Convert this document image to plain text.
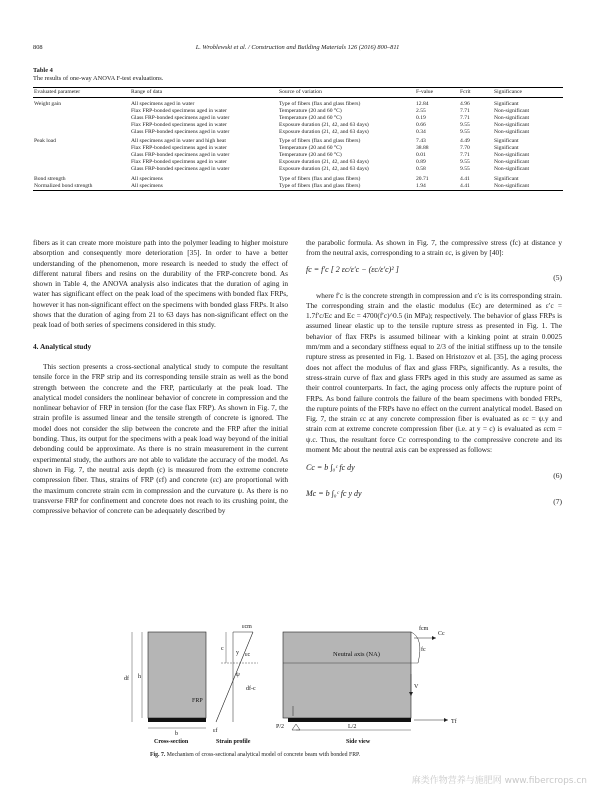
808	L. Wroblewski et al. / Construction and Building Materials 126 (2016) 800–811
Table 4
The results of one-way ANOVA F-test evaluations.
Evaluated parameter	Range of data	Source of variation	F-value	Fcrit	Significance
Weight gain	All specimens aged in water	Type of fibers (flax and glass fibers)	12.84	4.96	Significant
	Flax FRP-bonded specimens aged in water	Temperature (20 and 60 °C)	2.55	7.71	Non-significant
	Glass FRP-bonded specimens aged in water	Temperature (20 and 60 °C)	0.19	7.71	Non-significant
	Flax FRP-bonded specimens aged in water	Exposure duration (21, 42, and 63 days)	0.66	9.55	Non-significant
	Glass FRP-bonded specimens aged in water	Exposure duration (21, 42, and 63 days)	0.34	9.55	Non-significant
Peak load	All specimens aged in water and high heat	Type of fibers (flax and glass fibers)	7.43	4.49	Significant
	Flax FRP-bonded specimens aged in water	Temperature (20 and 60 °C)	38.88	7.70	Significant
	Glass FRP-bonded specimens aged in water	Temperature (20 and 60 °C)	0.01	7.71	Non-significant
	Flax FRP-bonded specimens aged in water	Exposure duration (21, 42, and 63 days)	0.89	9.55	Non-significant
	Glass FRP-bonded specimens aged in water	Exposure duration (21, 42, and 63 days)	0.58	9.55	Non-significant
Bond strength	All specimens	Type of fibers (flax and glass fibers)	20.71	4.41	Significant
Normalized bond strength	All specimens	Type of fibers (flax and glass fibers)	1.94	4.41	Non-significant

fibers as it can create more moisture path into the polymer leading to higher moisture absorption and consequently more deterioration [35]. In order to have a better understanding of the phenomenon, more research is needed to study the effect of different natural fibers and resins on the durability of the FRP-concrete bond. As shown in Table 4, the ANOVA analysis also indicates that the duration of aging in water has significant effect on the peak load of the specimens with bonded flax FRPs, however it has non-significant effect on the specimens with bonded glass FRPs. It also shows that the duration of aging from 21 to 63 days has non-significant effect on the peak load of both series of specimens considered in this study.

4. Analytical study

This section presents a cross-sectional analytical study to compute the resultant tensile force in the FRP strip and its corresponding tensile strain as well as the bond strength between the concrete and the FRP, particularly at the peak load. The analytical model considers the nonlinear behavior of concrete in compression and the nonlinear behavior of FRP in tension (for the case flax FRP). As shown in Fig. 7, the strain profile is assumed linear and the tensile strength of concrete is ignored. The model does not consider the slip between the concrete and the FRP after the initial bonding. Thus, its output for the specimens with a peak load way beyond of the initial debonding could be approximate. As there is no strain measurement in the current experimental study, the authors are not able to validate the accuracy of the model. As shown in Fig. 7, the neutral axis depth (c) is measured from the extreme concrete compression fiber. Thus, strains of FRP (εf) and concrete (εc) are proportional with the maximum concrete strain εcm in compression and the curvature ψ. As there is no transverse FRP for confinement and concrete does not reach to its crushing point, the compressive behavior of concrete can be adequately described by

the parabolic formula. As shown in Fig. 7, the compressive stress (fc) at distance y from the neutral axis, corresponding to a strain εc, is given by [40]:

fc = f′c [ 2 εc/ε′c − (εc/ε′c)² ]
(5)

where f′c is the concrete strength in compression and ε′c is its corresponding strain. The corresponding strain and the elastic modulus (Ec) are determined as ε′c = 1.7f′c/Ec and Ec = 4700(f′c)^0.5 (in MPa); respectively. The behavior of glass FRPs is assumed linear elastic up to the tensile rupture stress as presented in Fig. 1. The behavior of flax FRPs is assumed bilinear with a kinking point at strain 0.0025 mm/mm and a secondary stiffness equal to 2/3 of the initial stiffness up to the tensile rupture stress as presented in Fig. 1. Based on Hristozov et al. [35], the aging process does not affect the modulus of flax and glass FRPs, significantly. As a results, the stress-strain curve of flax and glass FRPs aged in this study are assumed as same as their control counterparts. In fact, the aging process only affects the rupture point of FRPs. As bond failure controls the failure of the beam specimens with bonded FRPs, the rupture points of the FRPs have no effect on the current analytical model. Based on Fig. 7, the strain εc at any concrete compression fiber is evaluated as εc = ψ.y and strain εcm at extreme concrete compression fiber (i.e. at y = c) is evaluated as εcm = ψ.c. Thus, the resultant force Cc corresponding to the compressive concrete and its moment Mc about the neutral axis can be expressed as follows:

Cc = b ∫₀ᶜ fc dy
(6)
Mc = b ∫₀ᶜ fc y dy
(7)
h
df
b
FRP
Cross-section
εcm
c
εc
ψ
y
df-c
εf
Strain profile
Neutral axis (NA)
fcm
Cc
fc
V
Tf
P/2	L/2
Side view
Fig. 7. Mechanism of cross-sectional analytical model of concrete beam with bonded FRP.
麻类作物营养与施肥网 www.fibercrops.cn
